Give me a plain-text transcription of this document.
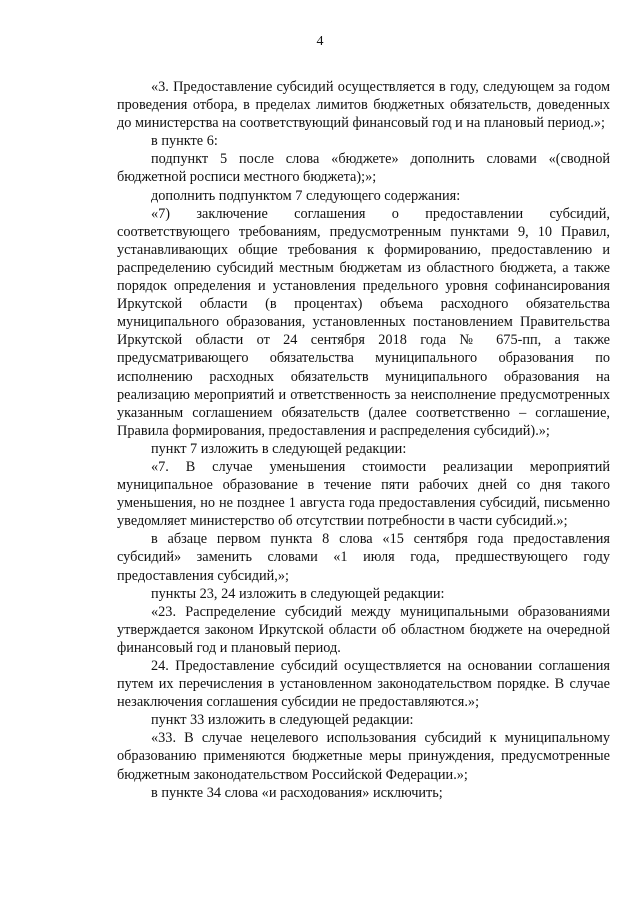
4

«3. Предоставление субсидий осуществляется в году, следующем за годом проведения отбора, в пределах лимитов бюджетных обязательств, доведенных до министерства на соответствующий финансовый год и на плановый период.»;

в пункте 6:

подпункт 5 после слова «бюджете» дополнить словами «(сводной бюджетной росписи местного бюджета);»;

дополнить подпунктом 7 следующего содержания:

«7) заключение соглашения о предоставлении субсидий, соответствующего требованиям, предусмотренным пунктами 9, 10 Правил, устанавливающих общие требования к формированию, предоставлению и распределению субсидий местным бюджетам из областного бюджета, а также порядок определения и установления предельного уровня софинансирования Иркутской области (в процентах) объема расходного обязательства муниципального образования, установленных постановлением Правительства Иркутской области от 24 сентября 2018 года № 675-пп, а также предусматривающего обязательства муниципального образования по исполнению расходных обязательств муниципального образования на реализацию мероприятий и ответственность за неисполнение предусмотренных указанным соглашением обязательств (далее соответственно – соглашение, Правила формирования, предоставления и распределения субсидий).»;

пункт 7 изложить в следующей редакции:

«7. В случае уменьшения стоимости реализации мероприятий муниципальное образование в течение пяти рабочих дней со дня такого уменьшения, но не позднее 1 августа года предоставления субсидий, письменно уведомляет министерство об отсутствии потребности в части субсидий.»;

в абзаце первом пункта 8 слова «15 сентября года предоставления субсидий» заменить словами «1 июля года, предшествующего году предоставления субсидий,»;

пункты 23, 24 изложить в следующей редакции:

«23. Распределение субсидий между муниципальными образованиями утверждается законом Иркутской области об областном бюджете на очередной финансовый год и плановый период.

24. Предоставление субсидий осуществляется на основании соглашения путем их перечисления в установленном законодательством порядке. В случае незаключения соглашения субсидии не предоставляются.»;

пункт 33 изложить в следующей редакции:

«33. В случае нецелевого использования субсидий к муниципальному образованию применяются бюджетные меры принуждения, предусмотренные бюджетным законодательством Российской Федерации.»;

в пункте 34 слова «и расходования» исключить;
